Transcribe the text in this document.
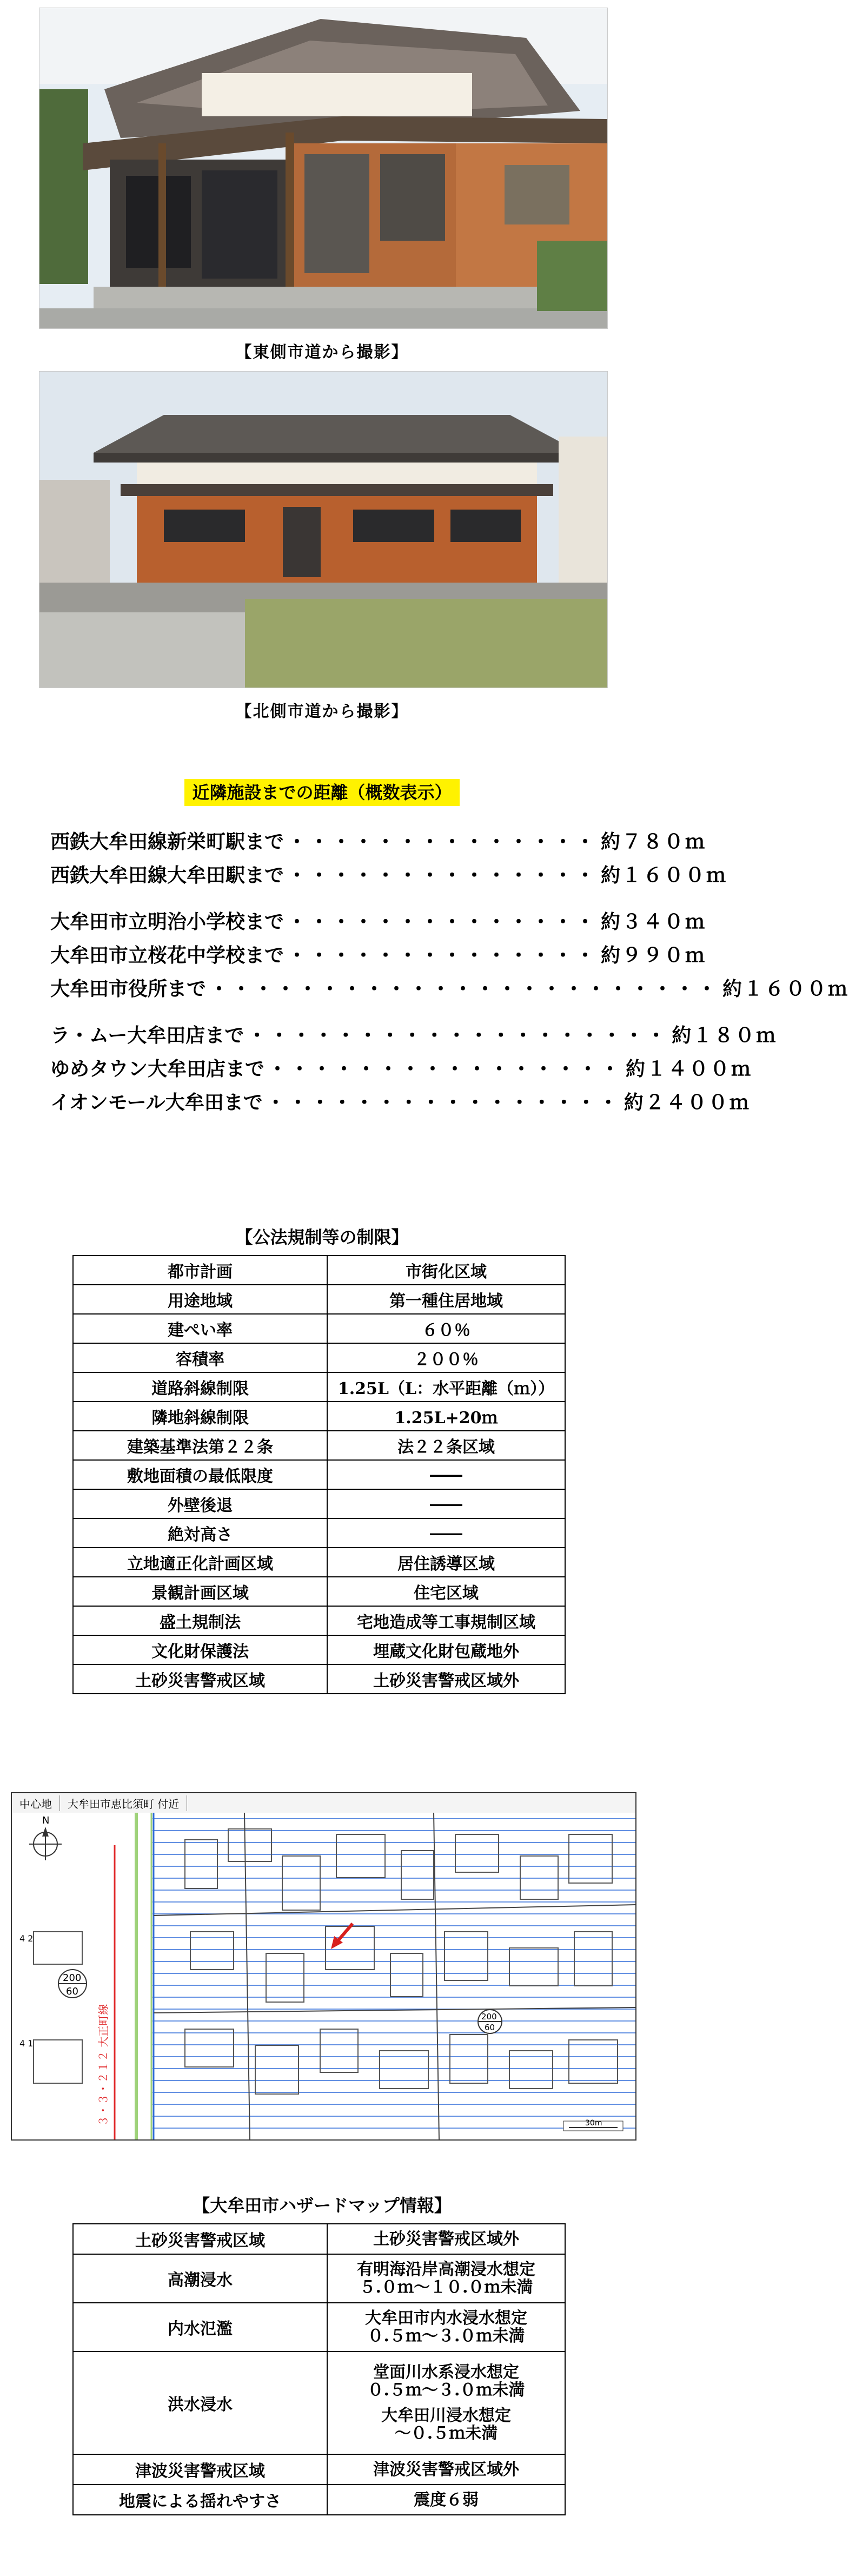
【東側市道から撮影】
【北側市道から撮影】
近隣施設までの距離（概数表示）
西鉄大牟田線新栄町駅まで ・・・・・・・・・・・・・・ 約７８０ｍ
西鉄大牟田線大牟田駅まで ・・・・・・・・・・・・・・ 約１６００ｍ
大牟田市立明治小学校まで ・・・・・・・・・・・・・・ 約３４０ｍ
大牟田市立桜花中学校まで ・・・・・・・・・・・・・・ 約９９０ｍ
大牟田市役所まで ・・・・・・・・・・・・・・・・・・・・・・・ 約１６００ｍ
ラ・ムー大牟田店まで ・・・・・・・・・・・・・・・・・・・ 約１８０ｍ
ゆめタウン大牟田店まで ・・・・・・・・・・・・・・・・ 約１４００ｍ
イオンモール大牟田まで ・・・・・・・・・・・・・・・・ 約２４００ｍ
【公法規制等の制限】
都市計画	市街化区域
用途地域	第一種住居地域
建ぺい率	６０％
容積率	２００％
道路斜線制限	1.25L（L：水平距離（ｍ））
隣地斜線制限	1.25L+20ｍ
建築基準法第２２条	法２２条区域
敷地面積の最低限度	――
外壁後退	――
絶対高さ	――
立地適正化計画区域	居住誘導区域
景観計画区域	住宅区域
盛土規制法	宅地造成等工事規制区域
文化財保護法	埋蔵文化財包蔵地外
土砂災害警戒区域	土砂災害警戒区域外
中心地	大牟田市恵比須町 付近
N
200
60
200
60
4 2
4 1	３・３・２１２ 大正町線	30m
【大牟田市ハザードマップ情報】
土砂災害警戒区域	土砂災害警戒区域外

高潮浸水	有明海沿岸高潮浸水想定
５.０ｍ～１０.０ｍ未満

内水氾濫	大牟田市内水浸水想定
０.５ｍ～３.０ｍ未満

洪水浸水	堂面川水系浸水想定
０.５ｍ～３.０ｍ未満
大牟田川浸水想定
～０.５ｍ未満

津波災害警戒区域	津波災害警戒区域外

地震による揺れやすさ	震度６弱
